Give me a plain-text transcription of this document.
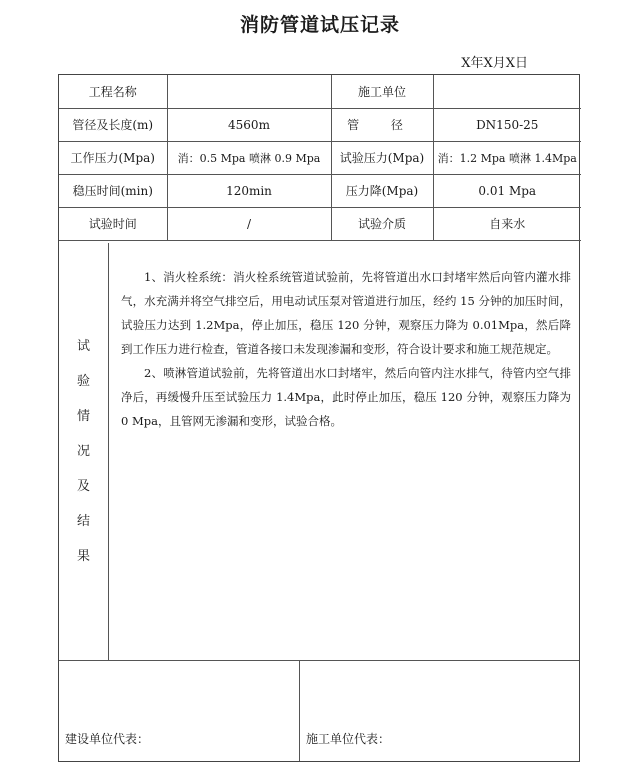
消防管道试压记录
X年X月X日
工程名称		施工单位	
管径及长度(m)	4560m	管 径	DN150-25
工作压力(Mpa)	消：0.5 Mpa 喷淋 0.9 Mpa	试验压力(Mpa)	消：1.2 Mpa 喷淋 1.4Mpa
稳压时间(min)	120min	压力降(Mpa)	0.01 Mpa
试验时间	/	试验介质	自来水
试
验
情
况
及
结
果

1、消火栓系统：消火栓系统管道试验前，先将管道出水口封堵牢然后向管内灌水排气，水充满并将空气排空后，用电动试压泵对管道进行加压，经约 15 分钟的加压时间，试验压力达到 1.2Mpa，停止加压，稳压 120 分钟，观察压力降为 0.01Mpa，然后降到工作压力进行检查，管道各接口未发现渗漏和变形，符合设计要求和施工规范规定。

2、喷淋管道试验前，先将管道出水口封堵牢，然后向管内注水排气，待管内空气排净后，再缓慢升压至试验压力 1.4Mpa，此时停止加压，稳压 120 分钟，观察压力降为 0 Mpa，且管网无渗漏和变形，试验合格。

建设单位代表：	施工单位代表：
